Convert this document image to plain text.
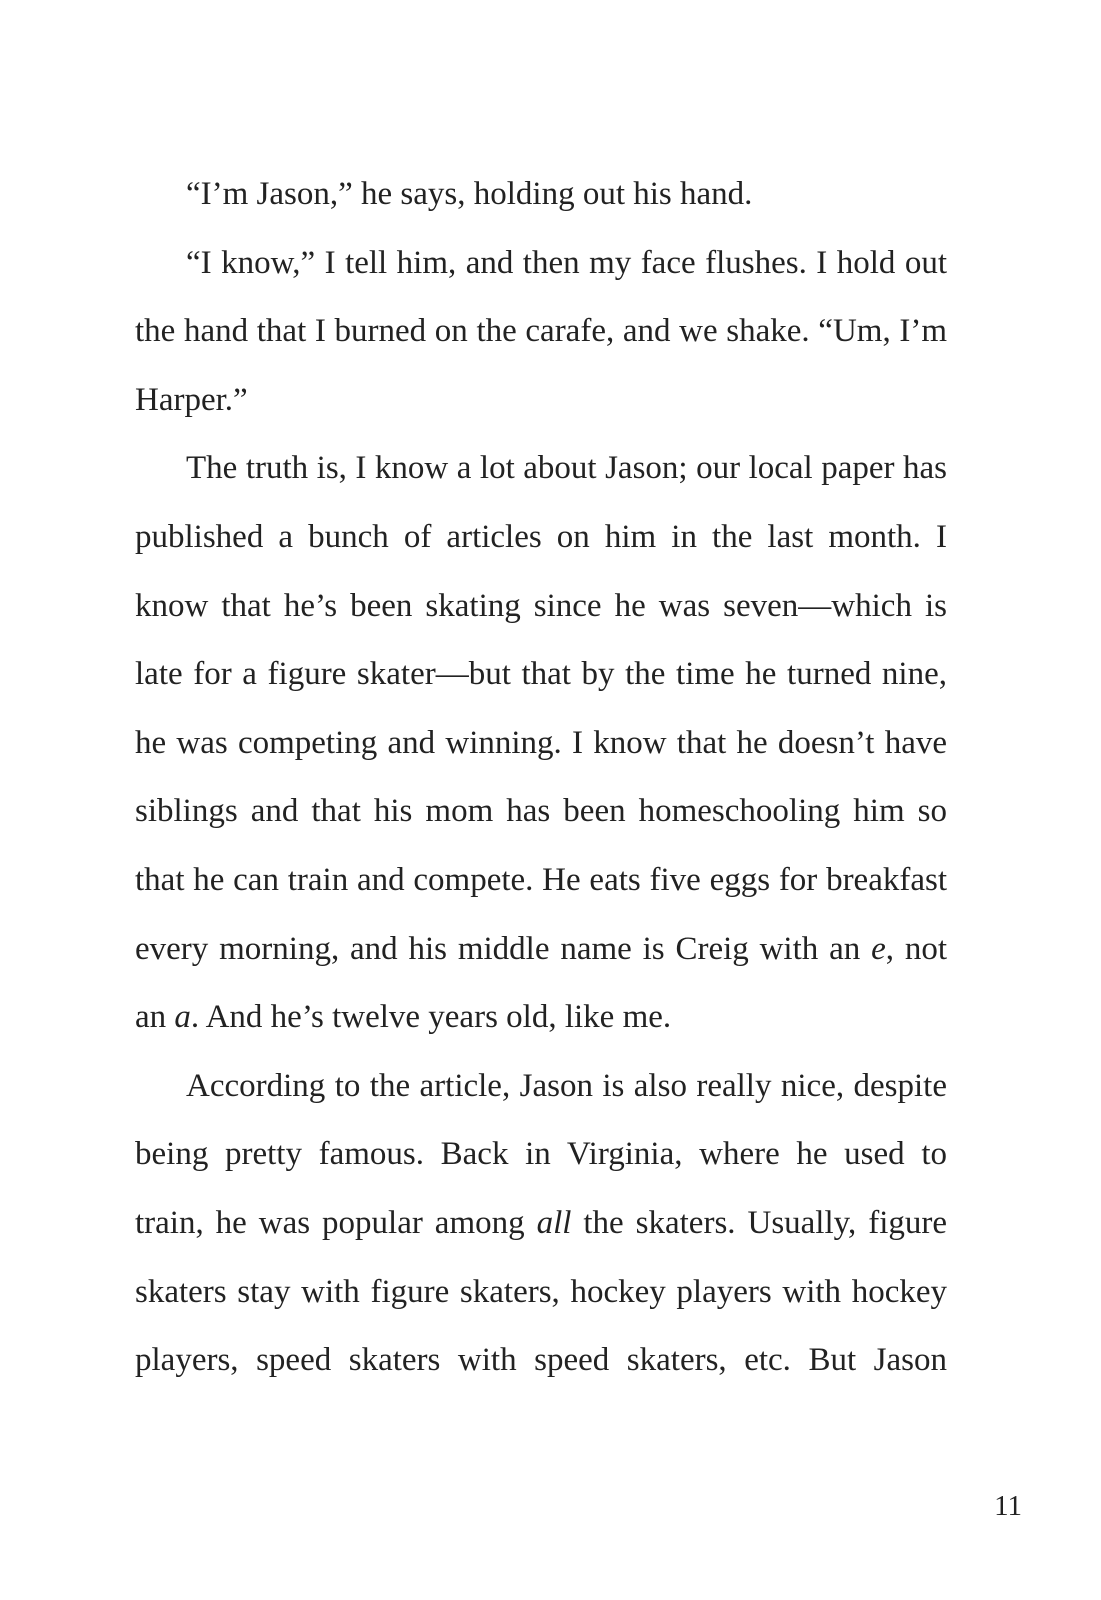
“I’m Jason,” he says, holding out his hand.

“I know,” I tell him, and then my face flushes. I hold out the hand that I burned on the carafe, and we shake. “Um, I’m Harper.”

The truth is, I know a lot about Jason; our local paper has published a bunch of articles on him in the last month. I know that he’s been skating since he was seven—which is late for a figure skater—but that by the time he turned nine, he was competing and winning. I know that he doesn’t have siblings and that his mom has been homeschooling him so that he can train and compete. He eats five eggs for breakfast every morning, and his middle name is Creig with an e, not an a. And he’s twelve years old, like me.

According to the article, Jason is also really nice, despite being pretty famous. Back in Virginia, where he used to train, he was popular among all the skaters. Usually, figure skaters stay with figure skaters, hockey players with hockey players, speed skaters with speed skaters, etc. But Jason

11
